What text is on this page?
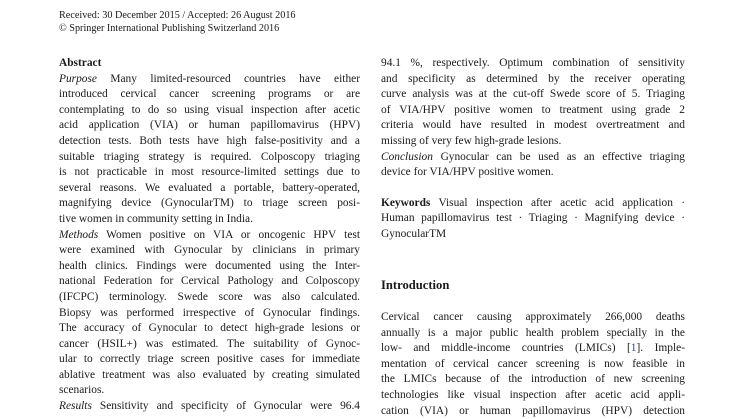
Received: 30 December 2015 / Accepted: 26 August 2016
© Springer International Publishing Switzerland 2016
Abstract
Purpose Many limited-resourced countries have either
introduced cervical cancer screening programs or are
contemplating to do so using visual inspection after acetic
acid application (VIA) or human papillomavirus (HPV)
detection tests. Both tests have high false-positivity and a
suitable triaging strategy is required. Colposcopy triaging
is not practicable in most resource-limited settings due to
several reasons. We evaluated a portable, battery-operated,
magnifying device (GynocularTM) to triage screen posi-
tive women in community setting in India.
Methods Women positive on VIA or oncogenic HPV test
were examined with Gynocular by clinicians in primary
health clinics. Findings were documented using the Inter-
national Federation for Cervical Pathology and Colposcopy
(IFCPC) terminology. Swede score was also calculated.
Biopsy was performed irrespective of Gynocular findings.
The accuracy of Gynocular to detect high-grade lesions or
cancer (HSIL+) was estimated. The suitability of Gynoc-
ular to correctly triage screen positive cases for immediate
ablative treatment was also evaluated by creating simulated
scenarios.
Results Sensitivity and specificity of Gynocular were 96.4
94.1 %, respectively. Optimum combination of sensitivity
and specificity as determined by the receiver operating
curve analysis was at the cut-off Swede score of 5. Triaging
of VIA/HPV positive women to treatment using grade 2
criteria would have resulted in modest overtreatment and
missing of very few high-grade lesions.
Conclusion Gynocular can be used as an effective triaging
device for VIA/HPV positive women.
Keywords Visual inspection after acetic acid application ·
Human papillomavirus test · Triaging · Magnifying device ·
GynocularTM
Introduction
Cervical cancer causing approximately 266,000 deaths
annually is a major public health problem specially in the
low- and middle-income countries (LMICs) [1]. Imple-
mentation of cervical cancer screening is now feasible in
the LMICs because of the introduction of new screening
technologies like visual inspection after acetic acid appli-
cation (VIA) or human papillomavirus (HPV) detection
